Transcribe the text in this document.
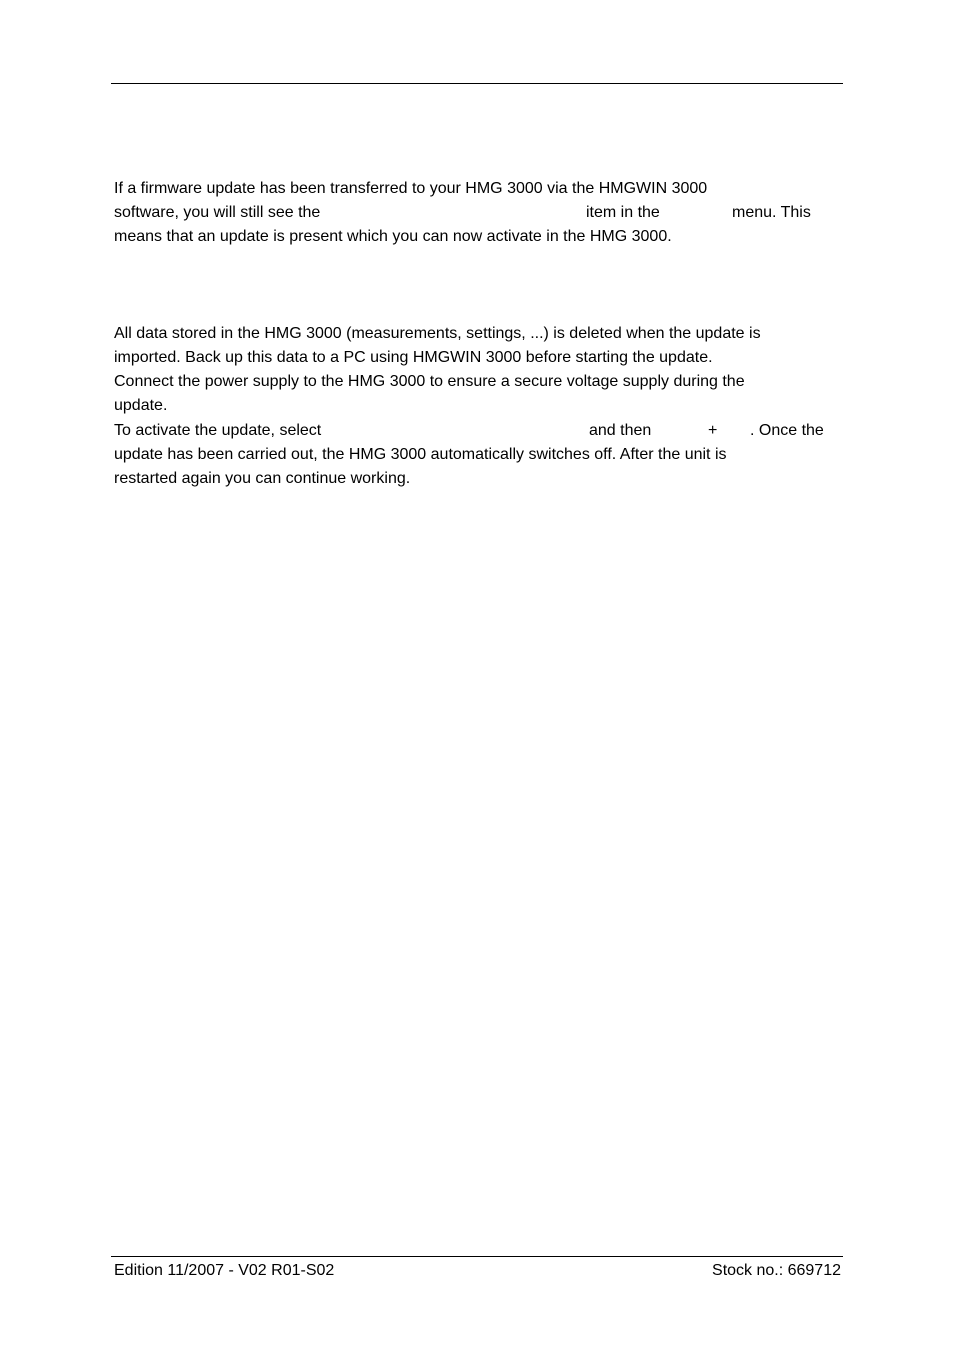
If a firmware update has been transferred to your HMG 3000 via the HMGWIN 3000
software, you will still see the	item in the	menu. This
means that an update is present which you can now activate in the HMG 3000.
All data stored in the HMG 3000 (measurements, settings, ...) is deleted when the update is
imported. Back up this data to a PC using HMGWIN 3000 before starting the update.
Connect the power supply to the HMG 3000 to ensure a secure voltage supply during the
update.
To activate the update, select	and then	+ . Once the
update has been carried out, the HMG 3000 automatically switches off. After the unit is
restarted again you can continue working.
Edition 11/2007 - V02 R01-S02	Stock no.: 669712
